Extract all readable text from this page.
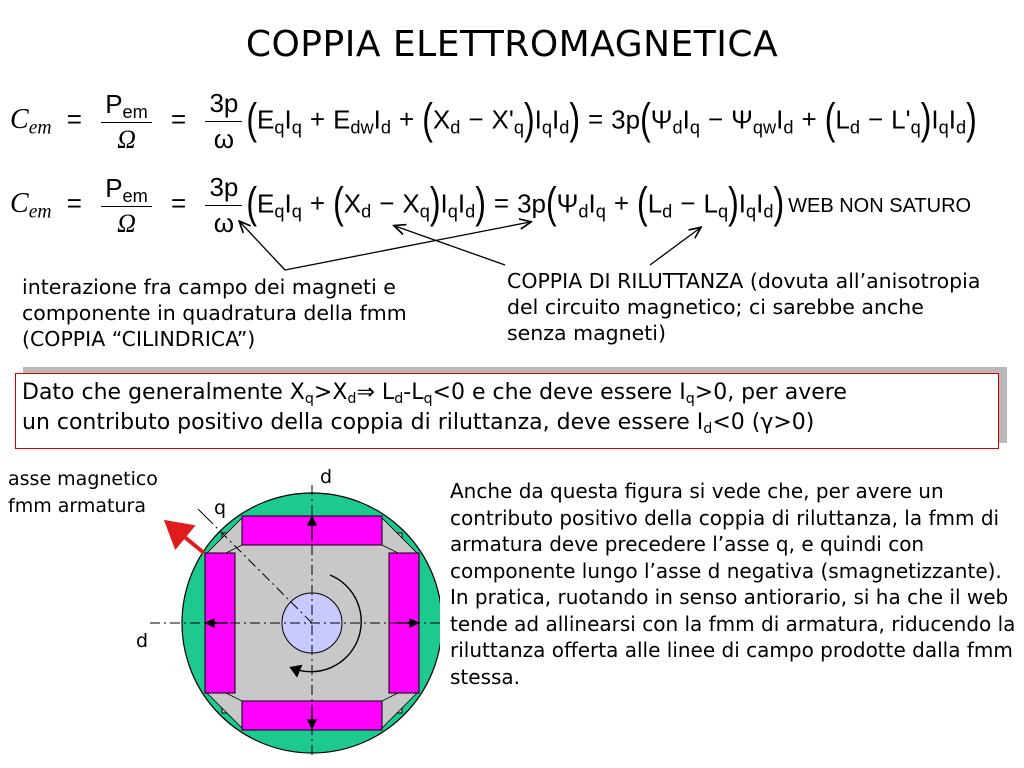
COPPIA ELETTROMAGNETICA
$C_{em} = \frac{P_{em}}{\Omega} = \frac{3p}{\omega} (E_qI_q + E_{dw}I_d + (X_d - X'_q)I_qI_d) = 3p(\Psi_dI_q - \Psi_{qw}I_d + (L_d - L'_q)I_qI_d)$
$C_{em} = \frac{P_{em}}{\Omega} = \frac{3p}{\omega} (E_qI_q + (X_d - X_q)I_qI_d) = 3p(\Psi_dI_q + (L_d - L_q)I_qI_d)$ WEB NON SATURO
interazione fra campo dei magneti e componente in quadratura della fmm (COPPIA “CILINDRICA”)
COPPIA DI RILUTTANZA (dovuta all’anisotropia del circuito magnetico; ci sarebbe anche senza magneti)
Dato che generalmente $X_q>X_d\Rightarrow$ $L_d-L_q<0$ e che deve essere $I_q>0$, per avere
un contributo positivo della coppia di riluttanza, deve essere $I_d<0$ (γ>0)
asse magnetico fmm armatura
d
q
d
Anche da questa figura si vede che, per avere un contributo positivo della coppia di riluttanza, la fmm di armatura deve precedere l’asse q, e quindi con componente lungo l’asse d negativa (smagnetizzante). In pratica, ruotando in senso antiorario, si ha che il web tende ad allinearsi con la fmm di armatura, riducendo la riluttanza offerta alle linee di campo prodotte dalla fmm stessa.
